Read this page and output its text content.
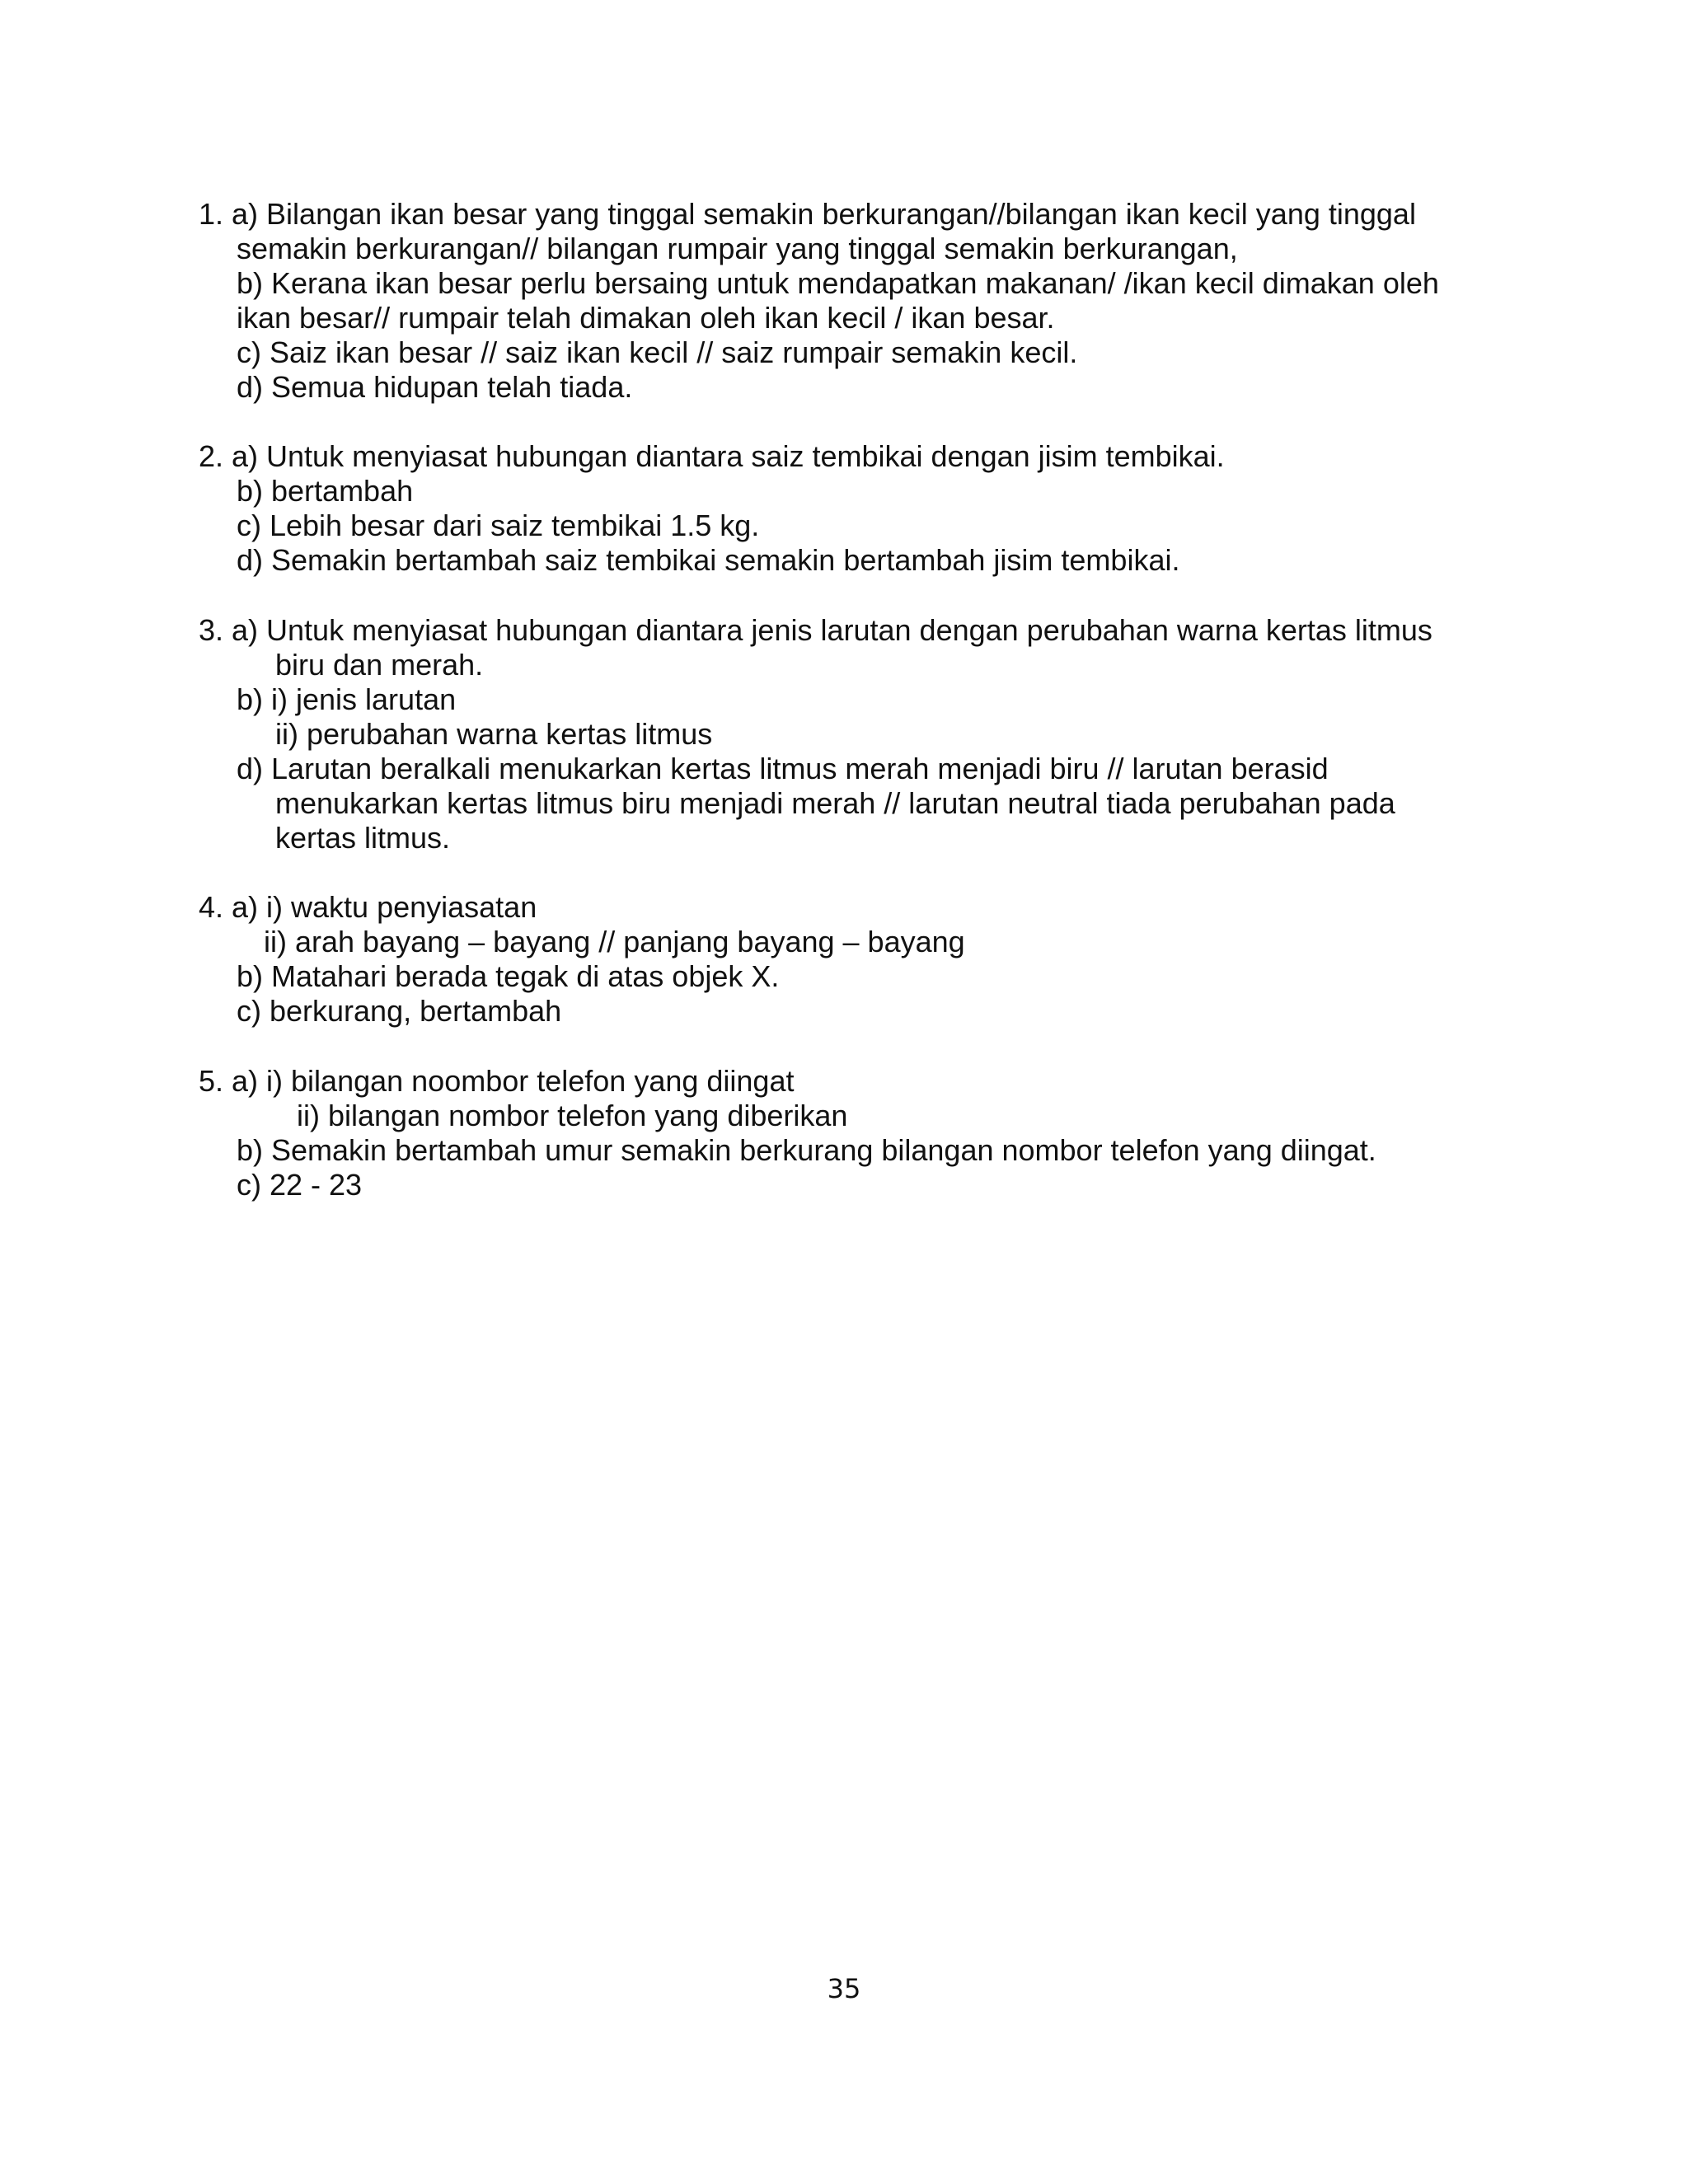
1. a) Bilangan ikan besar yang tinggal semakin berkurangan//bilangan ikan kecil yang tinggal
semakin berkurangan// bilangan rumpair yang tinggal semakin berkurangan,
b) Kerana ikan besar perlu bersaing untuk mendapatkan makanan/ /ikan kecil dimakan oleh
ikan besar// rumpair telah dimakan oleh ikan kecil / ikan besar.
c) Saiz ikan besar // saiz ikan kecil // saiz rumpair semakin kecil.
d) Semua hidupan telah tiada.
2. a) Untuk menyiasat hubungan diantara saiz tembikai dengan jisim tembikai.
b) bertambah
c) Lebih besar dari saiz tembikai 1.5 kg.
d) Semakin bertambah saiz tembikai semakin bertambah jisim tembikai.
3. a) Untuk menyiasat hubungan diantara jenis larutan dengan perubahan warna kertas litmus
biru dan merah.
b) i) jenis larutan
ii) perubahan warna kertas litmus
d) Larutan beralkali menukarkan kertas litmus merah menjadi biru // larutan berasid
menukarkan kertas litmus biru menjadi merah // larutan neutral tiada perubahan pada
kertas litmus.
4. a) i) waktu penyiasatan
ii) arah bayang – bayang // panjang bayang – bayang
b) Matahari berada tegak di atas objek X.
c) berkurang, bertambah
5. a) i) bilangan noombor telefon yang diingat
ii) bilangan nombor telefon yang diberikan
b) Semakin bertambah umur semakin berkurang bilangan nombor telefon yang diingat.
c) 22 - 23
35
